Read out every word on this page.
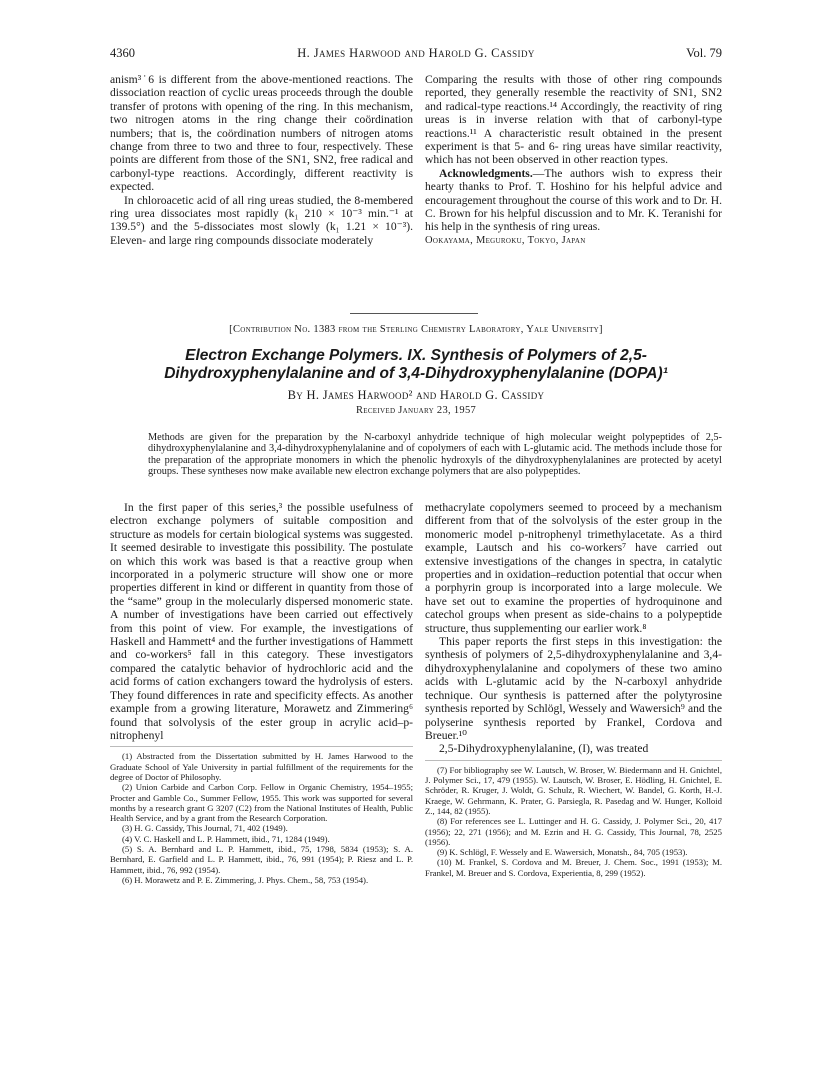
4360	H. James Harwood and Harold G. Cassidy	Vol. 79

anism³˙6 is different from the above-mentioned reactions. The dissociation reaction of cyclic ureas proceeds through the double transfer of protons with opening of the ring. In this mechanism, two nitrogen atoms in the ring change their coördination numbers; that is, the coördination numbers of nitrogen atoms change from three to two and three to four, respectively. These points are different from those of the SN1, SN2, free radical and carbonyl-type reactions. Accordingly, different reactivity is expected.

In chloroacetic acid of all ring ureas studied, the 8-membered ring urea dissociates most rapidly (k₁ 210 × 10⁻³ min.⁻¹ at 139.5°) and the 5-dissociates most slowly (k₁ 1.21 × 10⁻³). Eleven- and large ring compounds dissociate moderately

Comparing the results with those of other ring compounds reported, they generally resemble the reactivity of SN1, SN2 and radical-type reactions.¹⁴ Accordingly, the reactivity of ring ureas is in inverse relation with that of carbonyl-type reactions.¹¹ A characteristic result obtained in the present experiment is that 5- and 6- ring ureas have similar reactivity, which has not been observed in other reaction types.

Acknowledgments.—The authors wish to express their hearty thanks to Prof. T. Hoshino for his helpful advice and encouragement throughout the course of this work and to Dr. H. C. Brown for his helpful discussion and to Mr. K. Teranishi for his help in the synthesis of ring ureas.

Ookayama, Meguroku, Tokyo, Japan

[Contribution No. 1383 from the Sterling Chemistry Laboratory, Yale University]
Electron Exchange Polymers. IX. Synthesis of Polymers of 2,5-Dihydroxyphenylalanine and of 3,4-Dihydroxyphenylalanine (DOPA)¹
By H. James Harwood² and Harold G. Cassidy
Received January 23, 1957
Methods are given for the preparation by the N-carboxyl anhydride technique of high molecular weight polypeptides of 2,5-dihydroxyphenylalanine and 3,4-dihydroxyphenylalanine and of copolymers of each with L-glutamic acid. The methods include those for the preparation of the appropriate monomers in which the phenolic hydroxyls of the dihydroxyphenylalanines are protected by acetyl groups. These syntheses now make available new electron exchange polymers that are also polypeptides.

In the first paper of this series,³ the possible usefulness of electron exchange polymers of suitable composition and structure as models for certain biological systems was suggested. It seemed desirable to investigate this possibility. The postulate on which this work was based is that a reactive group when incorporated in a polymeric structure will show one or more properties different in kind or different in quantity from those of the “same” group in the molecularly dispersed monomeric state. A number of investigations have been carried out effectively from this point of view. For example, the investigations of Haskell and Hammett⁴ and the further investigations of Hammett and co-workers⁵ fall in this category. These investigators compared the catalytic behavior of hydrochloric acid and the acid forms of cation exchangers toward the hydrolysis of esters. They found differences in rate and specificity effects. As another example from a growing literature, Morawetz and Zimmering⁶ found that solvolysis of the ester group in acrylic acid–p-nitrophenyl

(1) Abstracted from the Dissertation submitted by H. James Harwood to the Graduate School of Yale University in partial fulfillment of the requirements for the degree of Doctor of Philosophy.

(2) Union Carbide and Carbon Corp. Fellow in Organic Chemistry, 1954–1955; Procter and Gamble Co., Summer Fellow, 1955. This work was supported for several months by a research grant G 3207 (C2) from the National Institutes of Health, Public Health Service, and by a grant from the Research Corporation.

(3) H. G. Cassidy, This Journal, 71, 402 (1949).

(4) V. C. Haskell and L. P. Hammett, ibid., 71, 1284 (1949).

(5) S. A. Bernhard and L. P. Hammett, ibid., 75, 1798, 5834 (1953); S. A. Bernhard, E. Garfield and L. P. Hammett, ibid., 76, 991 (1954); P. Riesz and L. P. Hammett, ibid., 76, 992 (1954).

(6) H. Morawetz and P. E. Zimmering, J. Phys. Chem., 58, 753 (1954).

methacrylate copolymers seemed to proceed by a mechanism different from that of the solvolysis of the ester group in the monomeric model p-nitrophenyl trimethylacetate. As a third example, Lautsch and his co-workers⁷ have carried out extensive investigations of the changes in spectra, in catalytic properties and in oxidation–reduction potential that occur when a porphyrin group is incorporated into a large molecule. We have set out to examine the properties of hydroquinone and catechol groups when present as side-chains to a polypeptide structure, thus supplementing our earlier work.⁸

This paper reports the first steps in this investigation: the synthesis of polymers of 2,5-dihydroxyphenylalanine and 3,4-dihydroxyphenylalanine and copolymers of these two amino acids with L-glutamic acid by the N-carboxyl anhydride technique. Our synthesis is patterned after the polytyrosine synthesis reported by Schlögl, Wessely and Wawersich⁹ and the polyserine synthesis reported by Frankel, Cordova and Breuer.¹⁰

2,5-Dihydroxyphenylalanine, (I), was treated

(7) For bibliography see W. Lautsch, W. Broser, W. Biedermann and H. Gnichtel, J. Polymer Sci., 17, 479 (1955). W. Lautsch, W. Broser, E. Hödling, H. Gnichtel, E. Schröder, R. Kruger, J. Woldt, G. Schulz, R. Wiechert, W. Bandel, G. Korth, H.-J. Kraege, W. Gehrmann, K. Prater, G. Parsiegla, R. Pasedag and W. Hunger, Kolloid Z., 144, 82 (1955).

(8) For references see L. Luttinger and H. G. Cassidy, J. Polymer Sci., 20, 417 (1956); 22, 271 (1956); and M. Ezrin and H. G. Cassidy, This Journal, 78, 2525 (1956).

(9) K. Schlögl, F. Wessely and E. Wawersich, Monatsh., 84, 705 (1953).

(10) M. Frankel, S. Cordova and M. Breuer, J. Chem. Soc., 1991 (1953); M. Frankel, M. Breuer and S. Cordova, Experientia, 8, 299 (1952).
